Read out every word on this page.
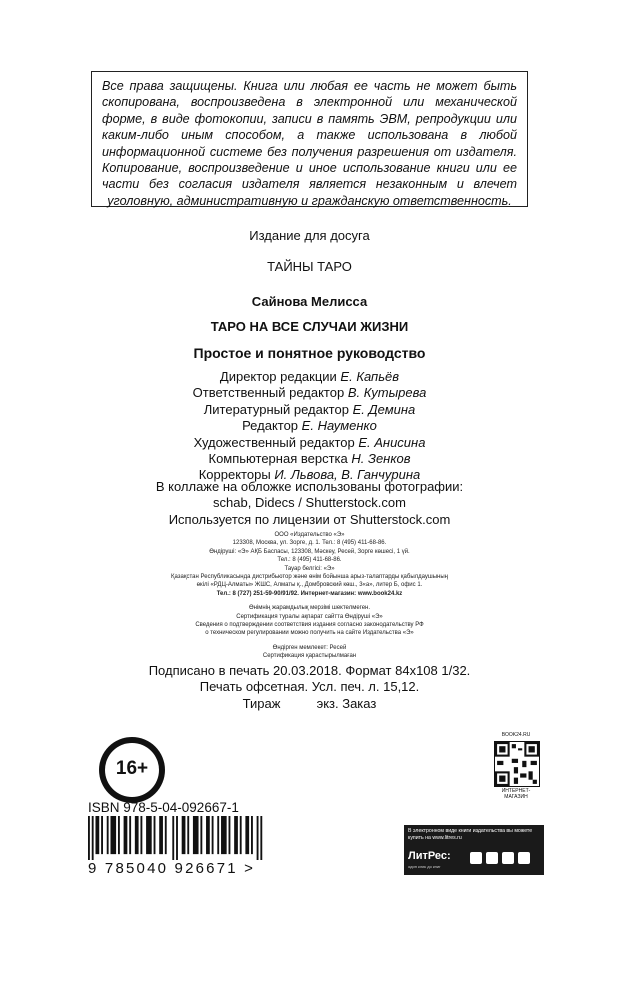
Все права защищены. Книга или любая ее часть не может быть скопирована, воспроизведена в электронной или механической форме, в виде фотокопии, записи в память ЭВМ, репродукции или каким-либо иным способом, а также использована в любой информационной системе без получения разрешения от издателя. Копирование, воспроизведение и иное использование книги или ее части без согласия издателя является незаконным и влечет уголовную, административную и гражданскую ответственность.

Издание для досуга
ТАЙНЫ ТАРО
Сайнова Мелисса
ТАРО НА ВСЕ СЛУЧАИ ЖИЗНИ
Простое и понятное руководство
Директор редакции Е. Капьёв
Ответственный редактор В. Кутырева
Литературный редактор Е. Демина
Редактор Е. Науменко
Художественный редактор Е. Анисина
Компьютерная верстка Н. Зенков
Корректоры И. Львова, В. Ганчурина
В коллаже на обложке использованы фотографии:
schab, Didecs / Shutterstock.com
Используется по лицензии от Shutterstock.com
ООО «Издательство «Э»
123308, Москва, ул. Зорге, д. 1. Тел.: 8 (495) 411-68-86.
Өндіруші: «Э» АҚБ Баспасы, 123308, Мәскеу, Ресей, Зорге көшесі, 1 үй.
Тел.: 8 (495) 411-68-86.
Тауар белгісі: «Э»
Қазақстан Республикасында дистрибьютор және өнім бойынша арыз-талаптарды қабылдаушының
өкілі «РДЦ-Алматы» ЖШС, Алматы қ., Домбровский көш., 3«а», литер Б, офис 1.
Тел.: 8 (727) 251-59-90/91/92. Интернет-магазин: www.book24.kz
Өнімнің жарамдылық мерзімі шектелмеген.
Сертификация туралы ақпарат сайтта Өндіруші «Э»
Сведения о подтверждении соответствия издания согласно законодательству РФ
о техническом регулировании можно получить на сайте Издательства «Э»
Өндірген мемлекет: Ресей
Сертификация қарастырылмаған
Подписано в печать 20.03.2018. Формат 84х108 1/32.
Печать офсетная. Усл. печ. л. 15,12.
Тираж          экз. Заказ
16+
BOOK24.RU
ИНТЕРНЕТ-МАГАЗИН
ISBN 978-5-04-092667-1
9 785040 926671 >
В электронном виде книги издательства вы можете купить на www.litres.ru
ЛитРес:
один клик до книг
